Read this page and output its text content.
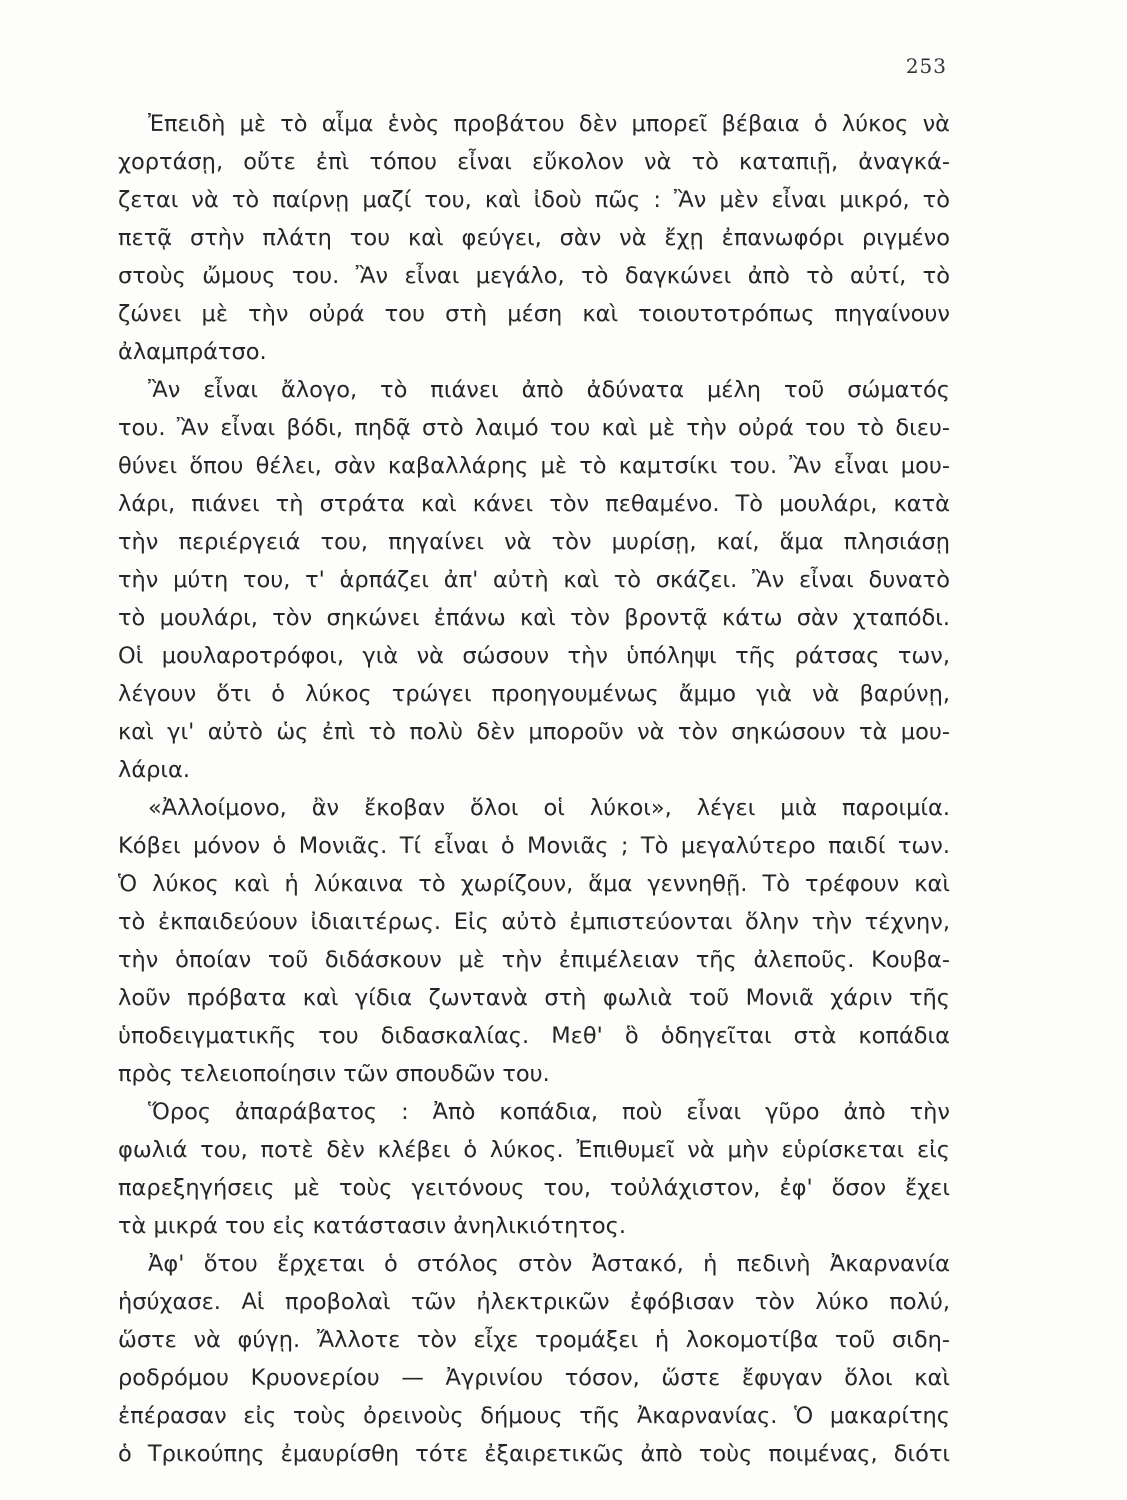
253
Ἐπειδὴ μὲ τὸ αἷμα ἑνὸς προβάτου δὲν μπορεῖ βέβαια ὁ λύκος νὰ
χορτάσῃ, οὔτε ἐπὶ τόπου εἶναι εὔκολον νὰ τὸ καταπιῇ, ἀναγκά-
ζεται νὰ τὸ παίρνῃ μαζί του, καὶ ἰδοὺ πῶς : Ἂν μὲν εἶναι μικρό, τὸ
πετᾷ στὴν πλάτη του καὶ φεύγει, σὰν νὰ ἔχῃ ἐπανωφόρι ριγμένο
στοὺς ὤμους του. Ἂν εἶναι μεγάλο, τὸ δαγκώνει ἀπὸ τὸ αὐτί, τὸ
ζώνει μὲ τὴν οὐρά του στὴ μέση καὶ τοιουτοτρόπως πηγαίνουν
ἀλαμπράτσο.
Ἂν εἶναι ἄλογο, τὸ πιάνει ἀπὸ ἀδύνατα μέλη τοῦ σώματός
του. Ἂν εἶναι βόδι, πηδᾷ στὸ λαιμό του καὶ μὲ τὴν οὐρά του τὸ διευ-
θύνει ὅπου θέλει, σὰν καβαλλάρης μὲ τὸ καμτσίκι του. Ἂν εἶναι μου-
λάρι, πιάνει τὴ στράτα καὶ κάνει τὸν πεθαμένο. Τὸ μουλάρι, κατὰ
τὴν περιέργειά του, πηγαίνει νὰ τὸν μυρίσῃ, καί, ἅμα πλησιάσῃ
τὴν μύτη του, τ' ἁρπάζει ἀπ' αὐτὴ καὶ τὸ σκάζει. Ἂν εἶναι δυνατὸ
τὸ μουλάρι, τὸν σηκώνει ἐπάνω καὶ τὸν βροντᾷ κάτω σὰν χταπόδι.
Οἱ μουλαροτρόφοι, γιὰ νὰ σώσουν τὴν ὑπόληψι τῆς ράτσας των,
λέγουν ὅτι ὁ λύκος τρώγει προηγουμένως ἄμμο γιὰ νὰ βαρύνῃ,
καὶ γι' αὐτὸ ὡς ἐπὶ τὸ πολὺ δὲν μποροῦν νὰ τὸν σηκώσουν τὰ μου-
λάρια.
«Ἀλλοίμονο, ἂν ἔκοβαν ὅλοι οἱ λύκοι», λέγει μιὰ παροιμία.
Κόβει μόνον ὁ Μονιᾶς. Τί εἶναι ὁ Μονιᾶς ; Τὸ μεγαλύτερο παιδί των.
Ὁ λύκος καὶ ἡ λύκαινα τὸ χωρίζουν, ἅμα γεννηθῇ. Τὸ τρέφουν καὶ
τὸ ἐκπαιδεύουν ἰδιαιτέρως. Εἰς αὐτὸ ἐμπιστεύονται ὅλην τὴν τέχνην,
τὴν ὁποίαν τοῦ διδάσκουν μὲ τὴν ἐπιμέλειαν τῆς ἀλεποῦς. Κουβα-
λοῦν πρόβατα καὶ γίδια ζωντανὰ στὴ φωλιὰ τοῦ Μονιᾶ χάριν τῆς
ὑποδειγματικῆς του διδασκαλίας. Μεθ' ὃ ὁδηγεῖται στὰ κοπάδια
πρὸς τελειοποίησιν τῶν σπουδῶν του.
Ὅρος ἀπαράβατος : Ἀπὸ κοπάδια, ποὺ εἶναι γῦρο ἀπὸ τὴν
φωλιά του, ποτὲ δὲν κλέβει ὁ λύκος. Ἐπιθυμεῖ νὰ μὴν εὑρίσκεται εἰς
παρεξηγήσεις μὲ τοὺς γειτόνους του, τοὐλάχιστον, ἐφ' ὅσον ἔχει
τὰ μικρά του εἰς κατάστασιν ἀνηλικιότητος.
Ἀφ' ὅτου ἔρχεται ὁ στόλος στὸν Ἀστακό, ἡ πεδινὴ Ἀκαρνανία
ἡσύχασε. Αἱ προβολαὶ τῶν ἠλεκτρικῶν ἐφόβισαν τὸν λύκο πολύ,
ὥστε νὰ φύγῃ. Ἄλλοτε τὸν εἶχε τρομάξει ἡ λοκομοτίβα τοῦ σιδη-
ροδρόμου Κρυονερίου — Ἀγρινίου τόσον, ὥστε ἔφυγαν ὅλοι καὶ
ἐπέρασαν εἰς τοὺς ὀρεινοὺς δήμους τῆς Ἀκαρνανίας. Ὁ μακαρίτης
ὁ Τρικούπης ἐμαυρίσθη τότε ἐξαιρετικῶς ἀπὸ τοὺς ποιμένας, διότι
